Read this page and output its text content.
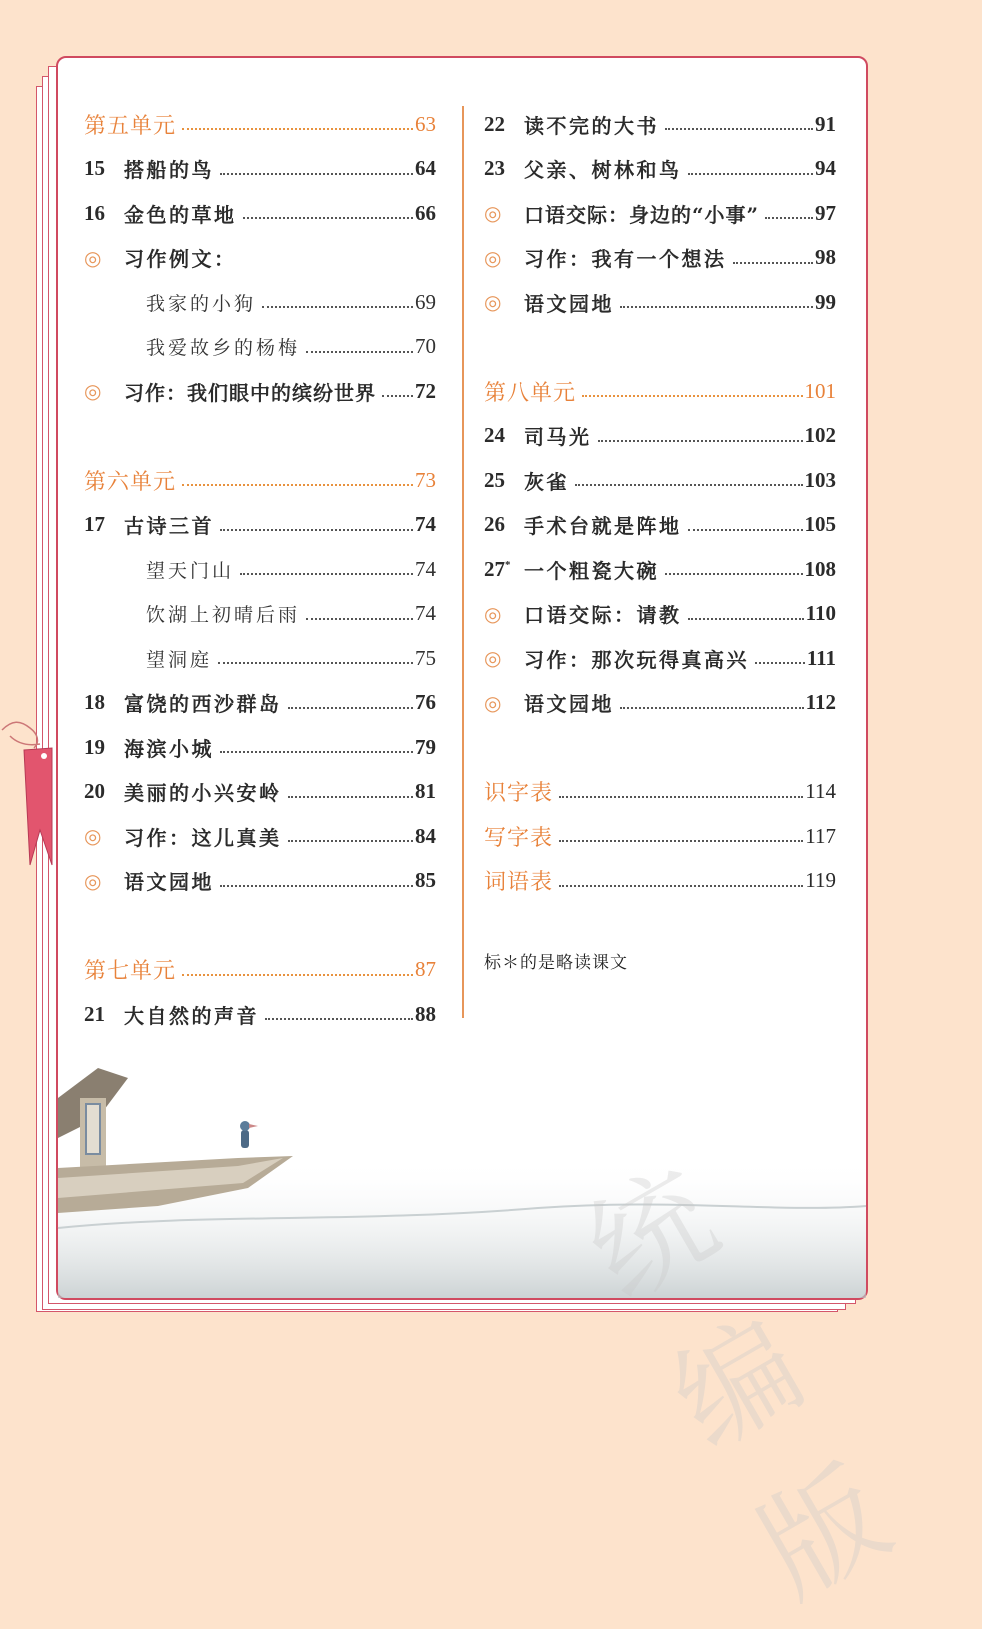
第五单元	63
15 搭船的鸟	64
16 金色的草地	66
◎	习作例文：
我家的小狗	69
我爱故乡的杨梅	70
◎	习作：我们眼中的缤纷世界 72
第六单元	73
17 古诗三首	74
望天门山	74
饮湖上初晴后雨	74
望洞庭	75
18 富饶的西沙群岛	76
19 海滨小城	79
20 美丽的小兴安岭	81
◎	习作：这儿真美	84
◎	语文园地	85
第七单元	87
21 大自然的声音	88
22 读不完的大书	91
23 父亲、树林和鸟	94
◎	口语交际：身边的“小事”	97
◎	习作：我有一个想法	98
◎	语文园地	99
第八单元	101
24 司马光	102
25 灰雀	103
26 手术台就是阵地	105
27* 一个粗瓷大碗	108
◎	口语交际：请教	110
◎	习作：那次玩得真高兴	111
◎	语文园地	112
识字表	114
写字表	117
词语表	119
标＊的是略读课文
统编版
